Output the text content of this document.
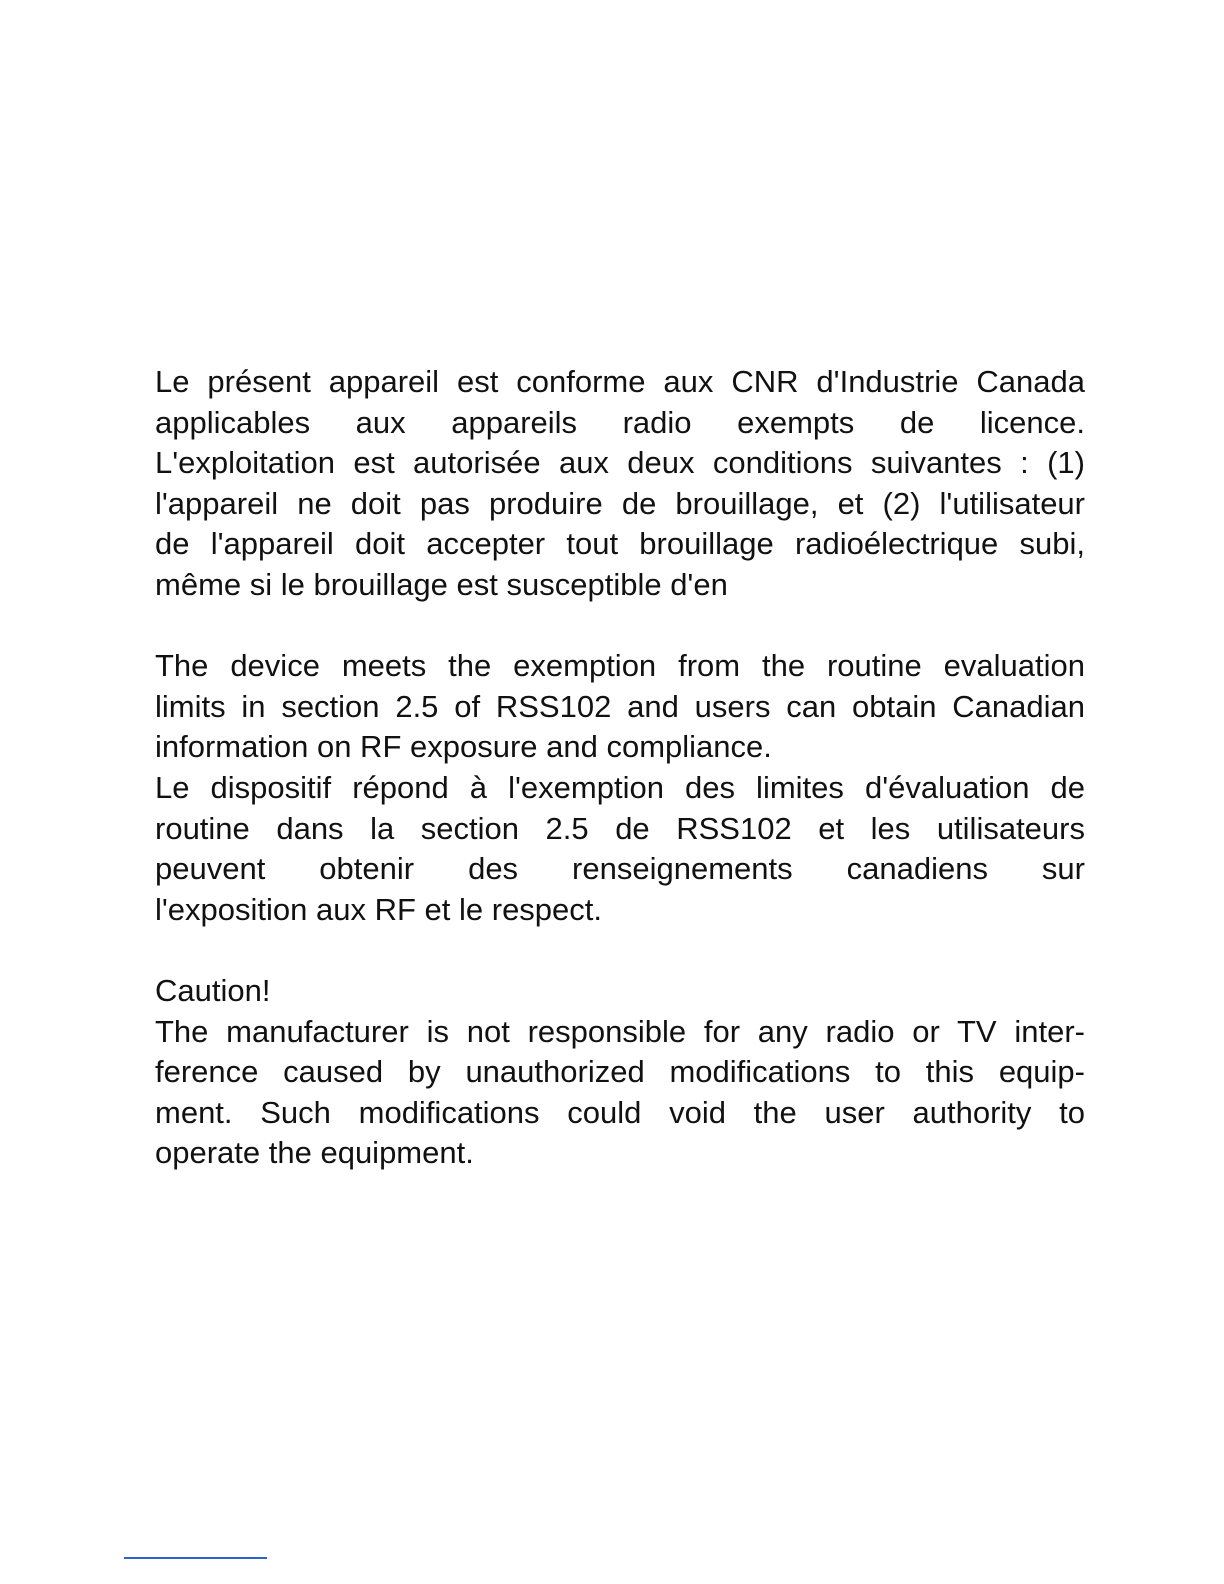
Le présent appareil est conforme aux CNR d'Industrie Canada
applicables aux appareils radio exempts de licence.
L'exploitation est autorisée aux deux conditions suivantes : (1)
l'appareil ne doit pas produire de brouillage, et (2) l'utilisateur
de l'appareil doit accepter tout brouillage radioélectrique subi,
même si le brouillage est susceptible d'en
The device meets the exemption from the routine evaluation
limits in section 2.5 of RSS102 and users can obtain Canadian
information on RF exposure and compliance.
Le dispositif répond à l'exemption des limites d'évaluation de
routine dans la section 2.5 de RSS102 et les utilisateurs
peuvent obtenir des renseignements canadiens sur
l'exposition aux RF et le respect.
Caution!
The manufacturer is not responsible for any radio or TV inter-
ference caused by unauthorized modifications to this equip-
ment. Such modifications could void the user authority to
operate the equipment.
